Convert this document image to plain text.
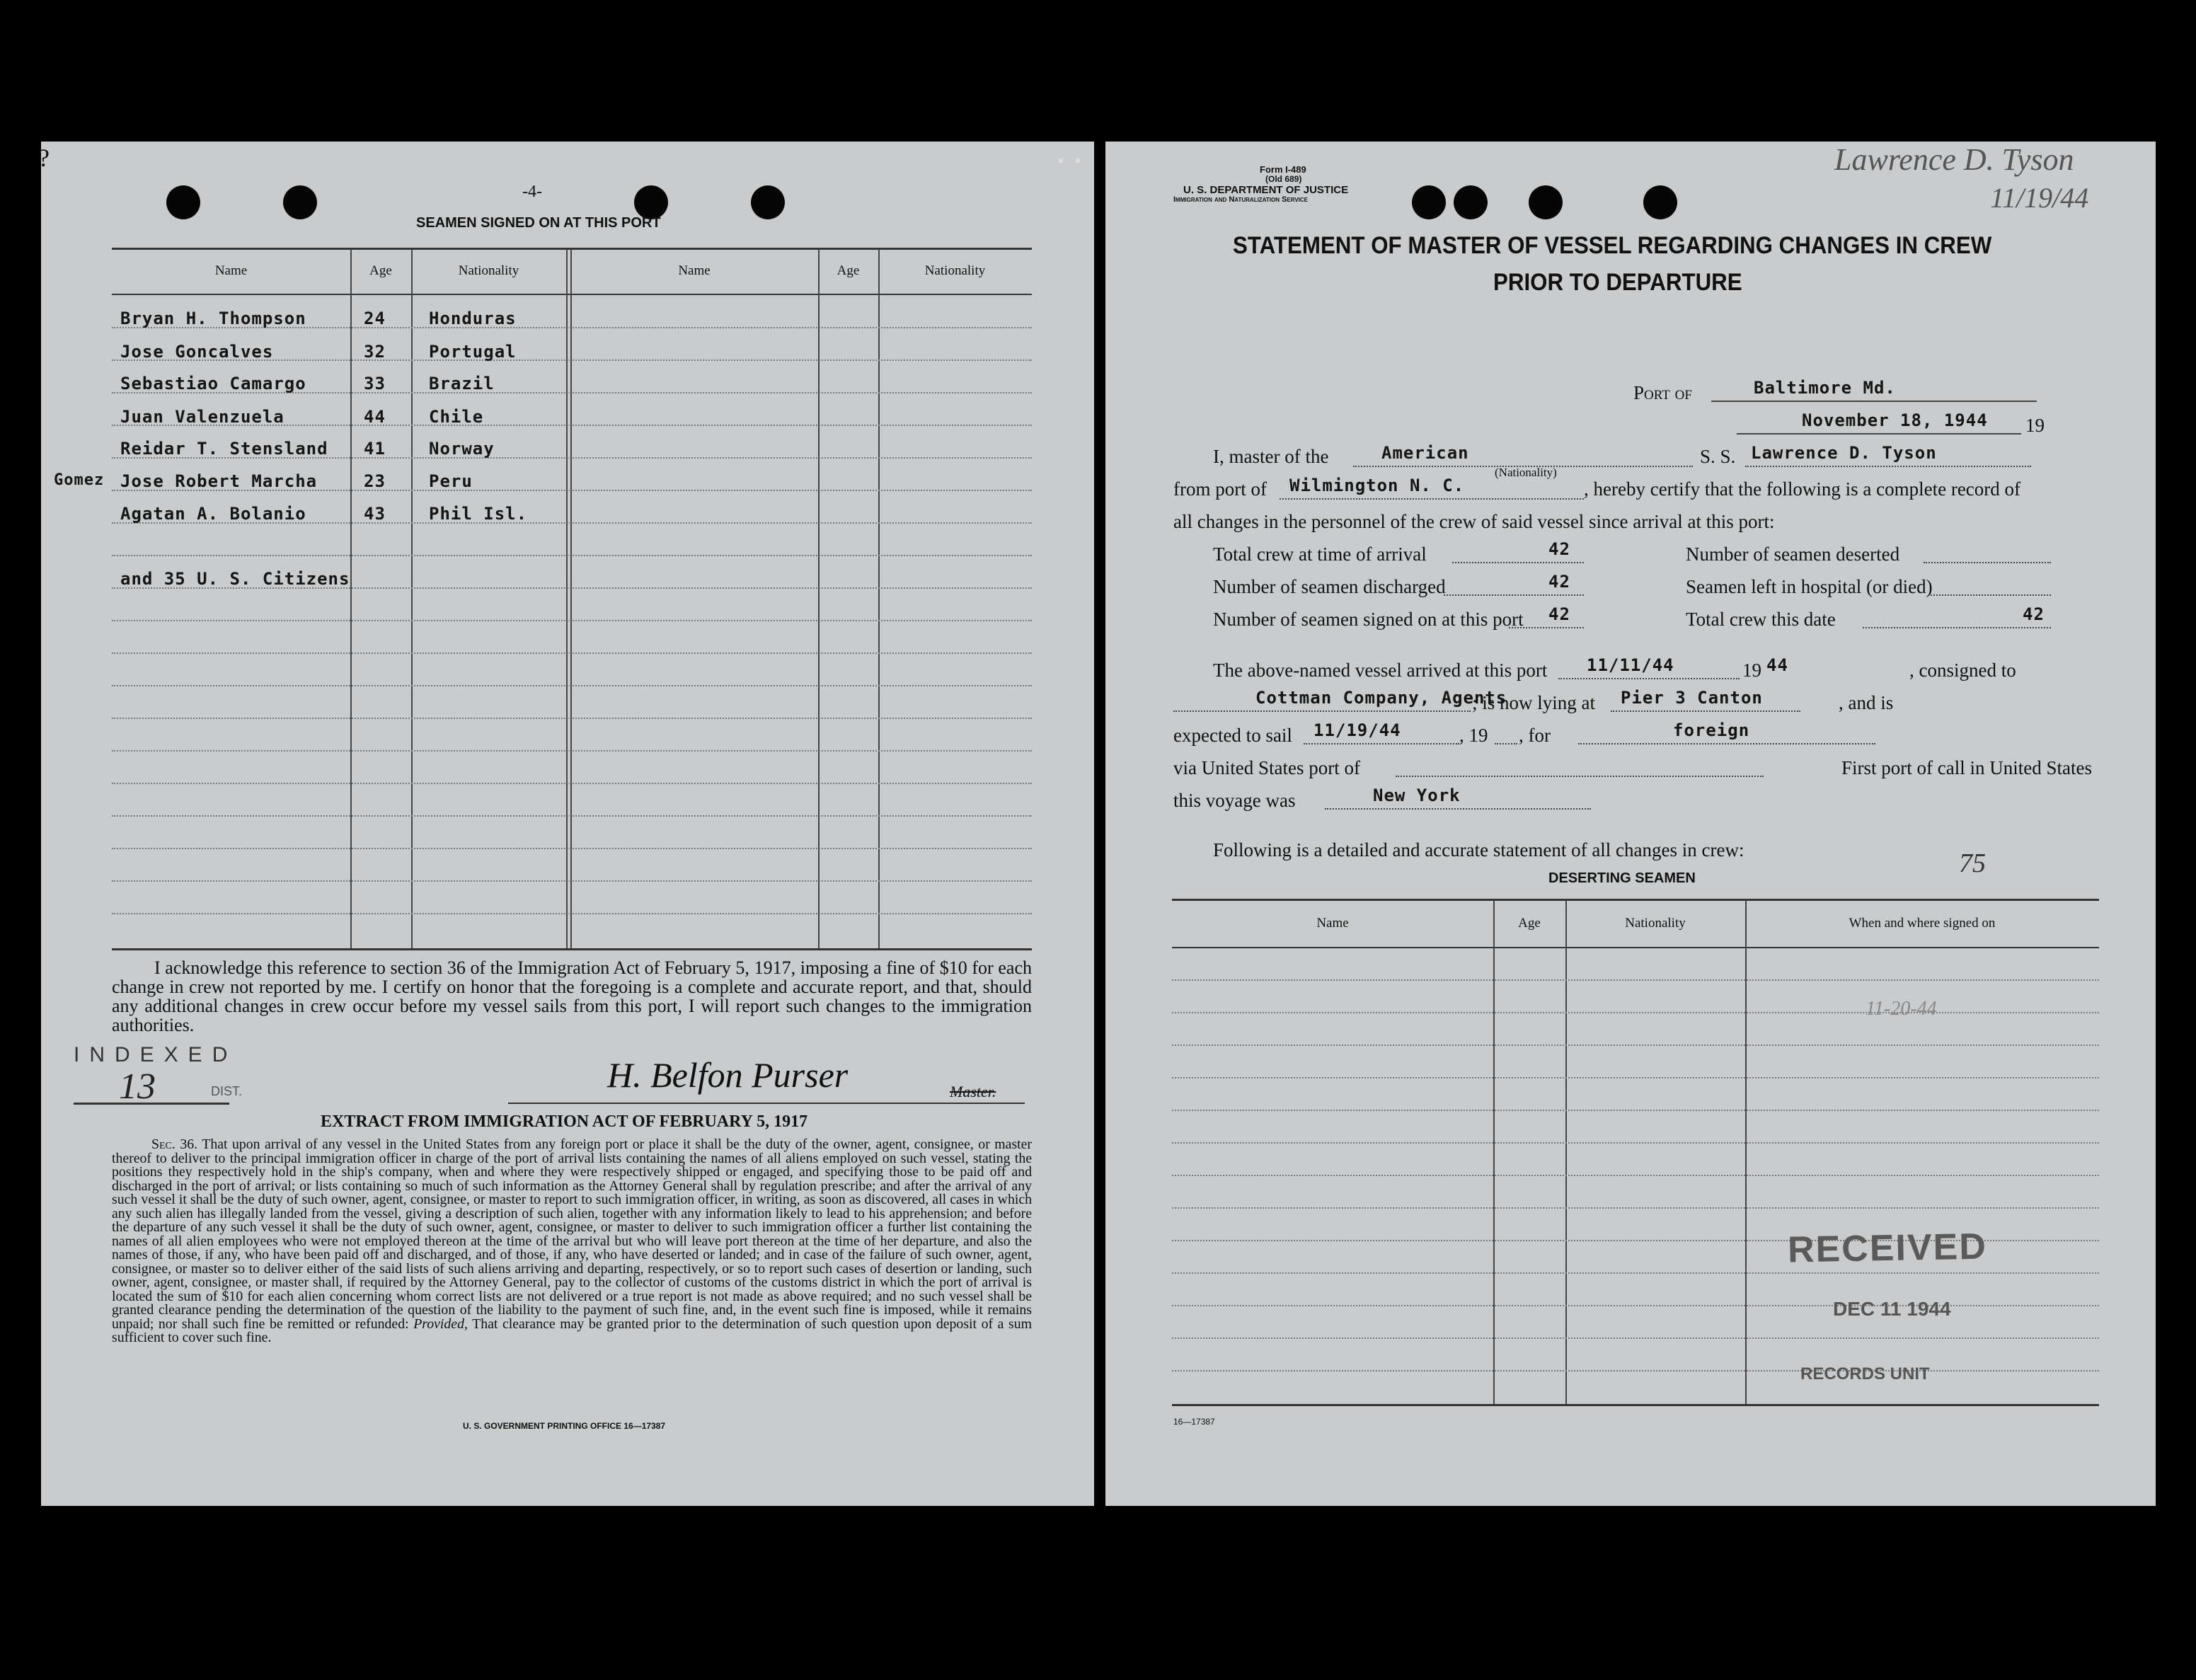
?
-4-
SEAMEN SIGNED ON AT THIS PORT
Name	Age	Nationality	Name	Age	Nationality
Bryan H. Thompson	24	Honduras
Jose Goncalves	32	Portugal
Sebastiao Camargo	33	Brazil
Juan Valenzuela	44	Chile
Reidar T. Stensland 41	Norway
Gomez Jose Robert Marcha	23	Peru
Agatan A. Bolanio	43	Phil Isl.
and 35 U. S. Citizens
I acknowledge this reference to section 36 of the Immigration Act of February 5, 1917, imposing a fine of $10 for each change in crew not reported by me. I certify on honor that the foregoing is a complete and accurate report, and that, should any additional changes in crew occur before my vessel sails from this port, I will report such changes to the immigration authorities.
INDEXED
13	DIST.	H. Belfon Purser	Master.
EXTRACT FROM IMMIGRATION ACT OF FEBRUARY 5, 1917
Sec. 36. That upon arrival of any vessel in the United States from any foreign port or place it shall be the duty of the owner, agent, consignee, or master thereof to deliver to the principal immigration officer in charge of the port of arrival lists containing the names of all aliens employed on such vessel, stating the positions they respectively hold in the ship's company, when and where they were respectively shipped or engaged, and specifying those to be paid off and discharged in the port of arrival; or lists containing so much of such information as the Attorney General shall by regulation prescribe; and after the arrival of any such vessel it shall be the duty of such owner, agent, consignee, or master to report to such immigration officer, in writing, as soon as discovered, all cases in which any such alien has illegally landed from the vessel, giving a description of such alien, together with any information likely to lead to his apprehension; and before the departure of any such vessel it shall be the duty of such owner, agent, consignee, or master to deliver to such immigration officer a further list containing the names of all alien employees who were not employed thereon at the time of the arrival but who will leave port thereon at the time of her departure, and also the names of those, if any, who have been paid off and discharged, and of those, if any, who have deserted or landed; and in case of the failure of such owner, agent, consignee, or master so to deliver either of the said lists of such aliens arriving and departing, respectively, or so to report such cases of desertion or landing, such owner, agent, consignee, or master shall, if required by the Attorney General, pay to the collector of customs of the customs district in which the port of arrival is located the sum of $10 for each alien concerning whom correct lists are not delivered or a true report is not made as above required; and no such vessel shall be granted clearance pending the determination of the question of the liability to the payment of such fine, and, in the event such fine is imposed, while it remains unpaid; nor shall such fine be remitted or refunded: Provided, That clearance may be granted prior to the determination of such question upon deposit of a sum sufficient to cover such fine.
U. S. GOVERNMENT PRINTING OFFICE 16—17387
Form I-489
(Old 689)
U. S. DEPARTMENT OF JUSTICE
Immigration and Naturalization Service
Lawrence D. Tyson
11/19/44
STATEMENT OF MASTER OF VESSEL REGARDING CHANGES IN CREW
PRIOR TO DEPARTURE
Port of	Baltimore Md.
November 18, 1944 19
I, master of the	American
(Nationality)
S. S. Lawrence D. Tyson
from port of Wilmington N. C.	, hereby certify that the following is a complete record of
all changes in the personnel of the crew of said vessel since arrival at this port:
Total crew at time of arrival	42	Number of seamen deserted
Number of seamen discharged	42	Seamen left in hospital (or died)
Number of seamen signed on at this port 42	Total crew this date	42
The above-named vessel arrived at this port 11/11/44	19 44	, consigned to
Cottman Company, Agents
; is now lying at Pier 3 Canton	, and is
expected to sail 11/19/44	, 19 , for	foreign
via United States port of	First port of call in United States
this voyage was	New York
Following is a detailed and accurate statement of all changes in crew:	75
DESERTING SEAMEN
Name	Age	Nationality	When and where signed on
11-20-44
RECEIVED
DEC 11 1944
RECORDS UNIT
16—17387
